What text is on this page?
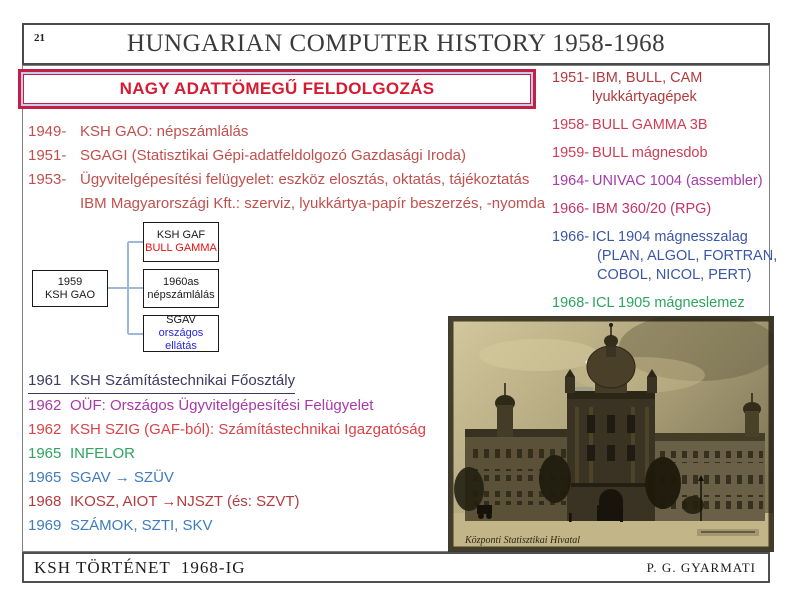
21	HUNGARIAN COMPUTER HISTORY 1958-1968
NAGY ADATTÖMEGŰ FELDOLGOZÁS
1949- KSH GAO: népszámlálás
1951- SGAGI (Statisztikai Gépi-adatfeldolgozó Gazdasági Iroda)
1953- Ügyvitelgépesítési felügyelet: eszköz elosztás, oktatás, tájékoztatás
IBM Magyarországi Kft.: szerviz, lyukkártya-papír beszerzés, -nyomda
1959
KSH GAO
KSH GAF
BULL GAMMA
1960as
népszámlálás
SGAV
országos ellátás
1961 KSH Számítástechnikai Főosztály
1962 OÜF: Országos Ügyvitelgépesítési Felügyelet
1962 KSH SZIG (GAF-ból): Számítástechnikai Igazgatóság
1965 INFELOR
1965 SGAV → SZÜV
1968 IKOSZ, AIOT →NJSZT (és: SZVT)
1969 SZÁMOK, SZTI, SKV
1951- IBM, BULL, CAM
lyukkártyagépek
1958- BULL GAMMA 3B
1959- BULL mágnesdob
1964- UNIVAC 1004 (assembler)
1966- IBM 360/20 (RPG)
1966- ICL 1904 mágnesszalag
(PLAN, ALGOL, FORTRAN,
COBOL, NICOL, PERT)
1968- ICL 1905 mágneslemez
Központi Statisztikai Hivatal
KSH TÖRTÉNET  1968-IG	P. G. GYARMATI
